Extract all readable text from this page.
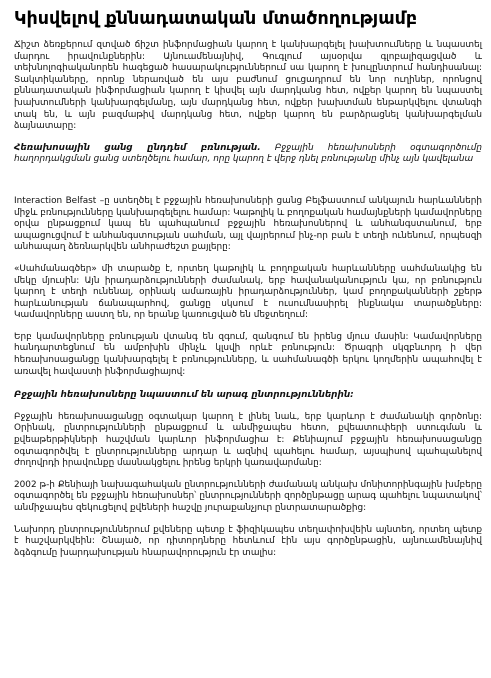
Կիսվելով քննադատական մտածողությամբ

Ճիշտ ձեռքերում զտված ճիշտ ինֆորմացիան կարող է կանխարգելել խախտումները և նպաստել մարդու իրավունքներին: Այնուամենայնիվ, Գուգլում այսօրվա գլոբալիզացված և տեխնոլոգիականորեն հագեցած հասարակություններում սա կարող է խուլընտրում հանդիսանալ: Տակտիկաները, որոնք ներառված են այս բաժնում ցուցադրում են նոր ուղիներ, որոնցով քննադատական ինֆորմացիան կարող է կիսվել այն մարդկանց հետ, ովքեր կարող են նպաստել խախտումների կանխարգելմանը, այն մարդկանց հետ, ովքեր խախտման ենթարկվելու վտանգի տակ են, և այն բազմաթիվ մարդկանց հետ, ովքեր կարող են բարձրացնել կանխարգելման ձայնատարը:

Հեռախոսային ցանց ընդդեմ բռնության. Բջջային հեռախոսների օգտագործումը հաղորդակցման ցանց ստեղծելու համար, որը կարող է վերջ դնել բռնությանը մինչ այն կավելանա

Interaction Belfast –ը ստեղծել է բջջային հեռախոսների ցանց Բելֆաստում անկայուն հարևանների միջև բռնությունները կանխարգելելու համար: Կաթոլիկ և բողոքական համայնքների կամավորները օրվա ընթացքում կապ են պահպանում բջջային հեռախոսներով և անհանգստանում, երբ ապացուցվում է անհանգստության սահման, այլ վայրերում ինչ-որ բան է տեղի ունենում, որպեսզի անհապաղ ձեռնարկվեն անհրաժեշտ քայլերը:

«Սահմանագծեր» մի տարածք է, որտեղ կաթոլիկ և բողոքական հարևանները սահմանակից են մեկը մյուսին: Այն իրադարձությունների ժամանակ, երբ հավանականություն կա, որ բռնություն կարող է տեղի ունենալ, օրինակ ամառային իրադարձություններ, կամ բողոքականների շքերթ հարևանության ճանապարհով, ցանցը սկսում է ուսումնասիրել ինքնակա տարածքները: Կամավորները աստղ են, որ երանք կառուցված են մեջտեղում:

Երբ կամավորները բռնության վտանգ են զգում, զանգում են իրենց մյուս մասին: Կամավորները հանդարտեցնում են ամբոխին մինչև կլսվի որևէ բռնություն: Ծրագրի սկզբնւորդ ի վեր հեռախոսացանցը կանխարգելել է բռնությունները, և սահմանագծի երկու կողմերին ապահովել է առավել հավաստի ինֆորմացիայով:

Բջջային հեռախոսները նպաստում են արագ ընտրություններին:

Բջջային հեռախոսացանցը օգտակար կարող է լինել նաև, երբ կարևոր է ժամանակի գործոնը: Օրինակ, ընտրությունների ընթացքում և անմիջապես հետո, քվեատուփերի ստուգման և քվեաթերթիկների հաշվման կարևոր ինֆորմացիա է: Քենիայում բջջային հեռախոսացանցը օգտագործվել է ընտրությունները արդար և ազնիվ պահելու համար, այսպիսով պահպանելով ժողովրդի իրավունքը մասնակցելու իրենց երկրի կառավարմանը:

2002 թ-ի Քենիայի նախագահական ընտրությունների ժամանակ անկախ մոնիտորինգային խմբերը օգտագործել են բջջային հեռախոսներ՝ ընտրությունների զործընթացը արագ պահելու նպատակով՝ անմիջապես զեկուցելով քվեների հաշվը յուրաքանչյուր ընտրատարածքից:

Նախորդ ընտրություններում քվեները պետք է ֆիզիկապես տեղափոխվեին այնտեղ, որտեղ պետք է հաշվարկվեին: Շնայած, որ դիտորդները հետևում էին այս գործընթացին, այնուամենայնիվ ձգձգումը խարդախության հնարավորություն էր տալիս:
